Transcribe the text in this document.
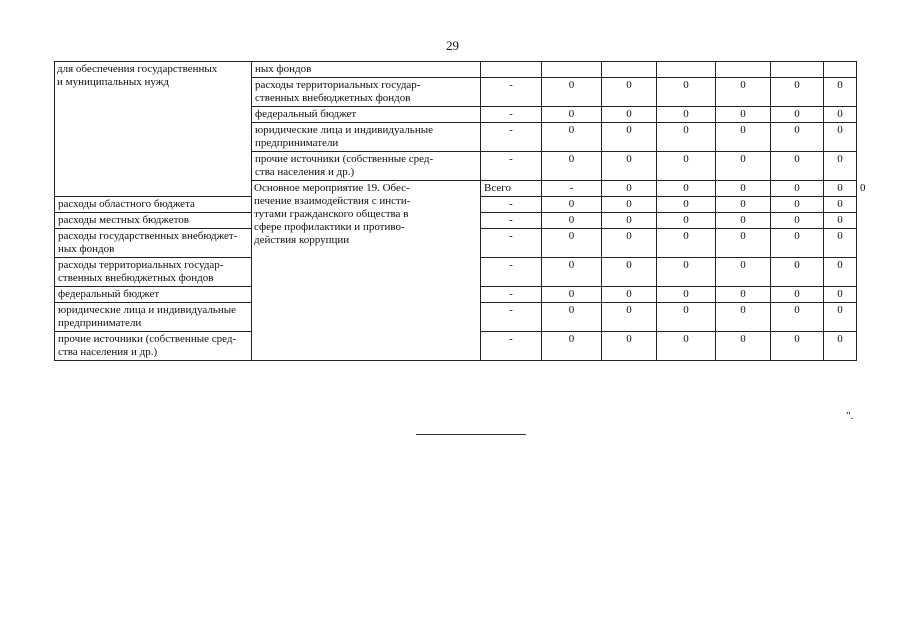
29
для обеспечения государственных
и муниципальных нужд	ных фондов								
	расходы территориальных государ-
ственных внебюджетных фондов	-	0	0	0	0	0	0	
	федеральный бюджет	-	0	0	0	0	0	0	
	юридические лица и индивидуальные
предприниматели	-	0	0	0	0	0	0	
	прочие источники (собственные сред-
ства населения и др.)	-	0	0	0	0	0	0	
	Основное мероприятие 19. Обес-
печение взаимодействия с инсти-
тутами гражданского общества в
сфере профилактики и противо-
действия коррупции	Всего	-	0	0	0	0	0	0
расходы областного бюджета		-	0	0	0	0	0	0	
расходы местных бюджетов		-	0	0	0	0	0	0	
расходы государственных внебюджет-
ных фондов		-	0	0	0	0	0	0	
расходы территориальных государ-
ственных внебюджетных фондов		-	0	0	0	0	0	0	
федеральный бюджет		-	0	0	0	0	0	0	
юридические лица и индивидуальные
предприниматели		-	0	0	0	0	0	0	
прочие источники (собственные сред-
ства населения и др.)		-	0	0	0	0	0	0	
".
